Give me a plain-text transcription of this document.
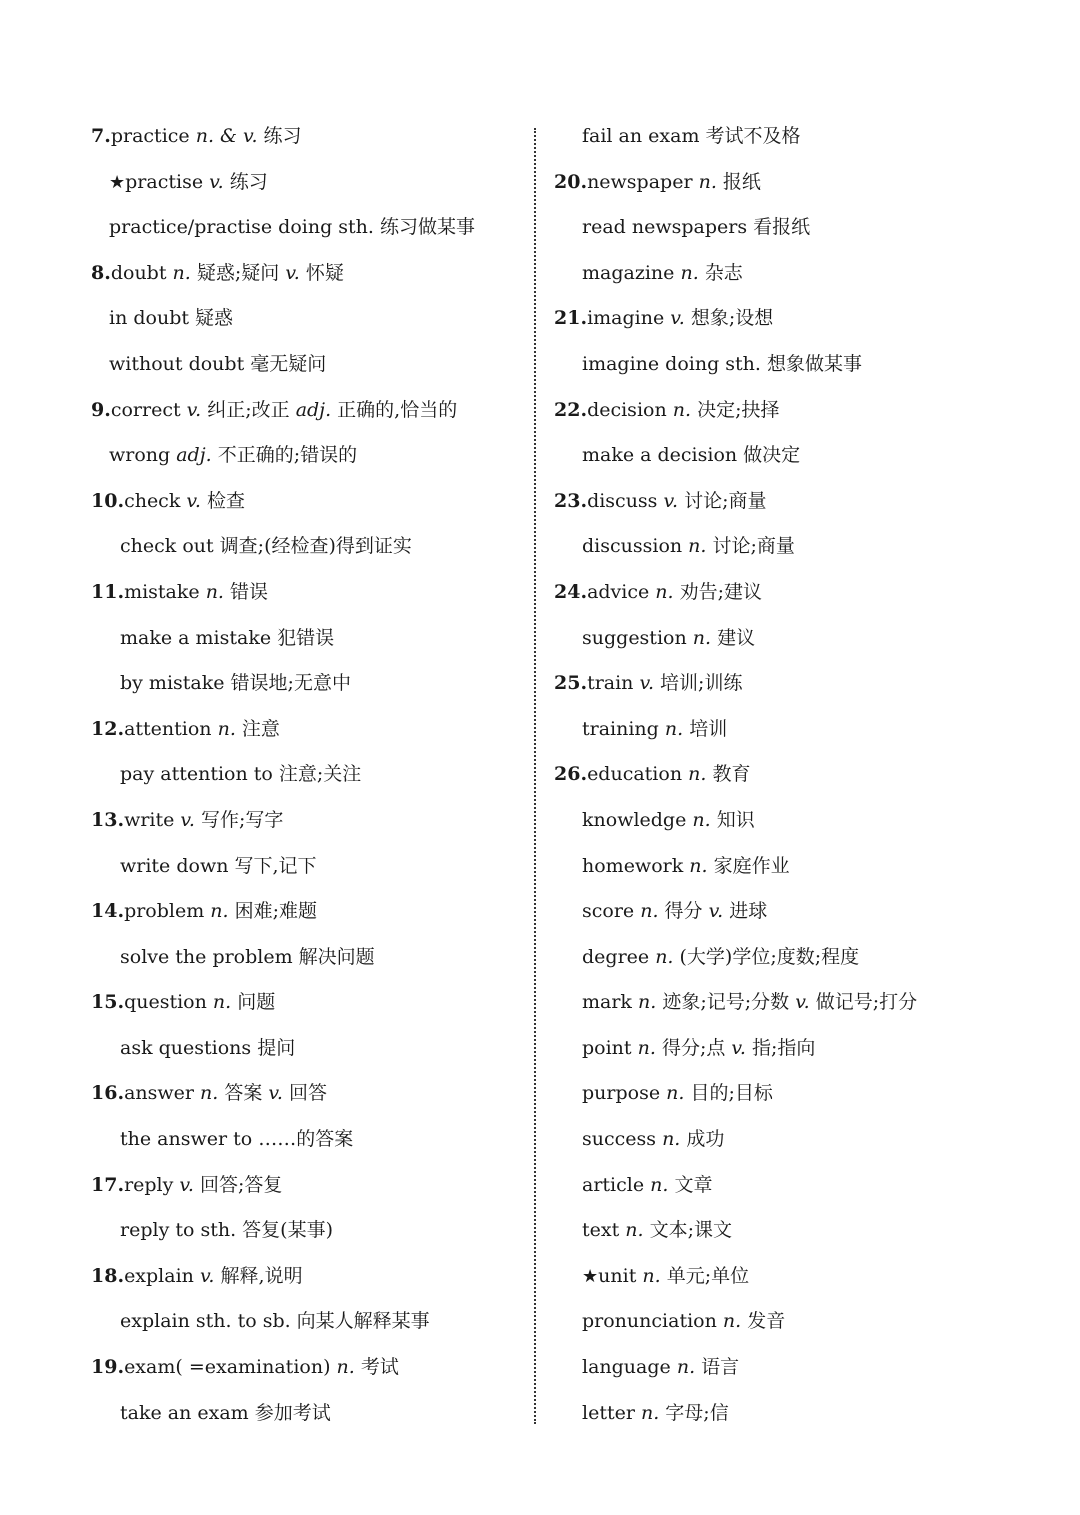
7.practice n. & v. 练习
★practise v. 练习
practice/practise doing sth. 练习做某事
8.doubt n. 疑惑;疑问 v. 怀疑
in doubt 疑惑
without doubt 毫无疑问
9.correct v. 纠正;改正 adj. 正确的,恰当的
wrong adj. 不正确的;错误的
10.check v. 检查
check out 调查;(经检查)得到证实
11.mistake n. 错误
make a mistake 犯错误
by mistake 错误地;无意中
12.attention n. 注意
pay attention to 注意;关注
13.write v. 写作;写字
write down 写下,记下
14.problem n. 困难;难题
solve the problem 解决问题
15.question n. 问题
ask questions 提问
16.answer n. 答案 v. 回答
the answer to ……的答案
17.reply v. 回答;答复
reply to sth. 答复(某事)
18.explain v. 解释,说明
explain sth. to sb. 向某人解释某事
19.exam( =examination) n. 考试
take an exam 参加考试
fail an exam 考试不及格
20.newspaper n. 报纸
read newspapers 看报纸
magazine n. 杂志
21.imagine v. 想象;设想
imagine doing sth. 想象做某事
22.decision n. 决定;抉择
make a decision 做决定
23.discuss v. 讨论;商量
discussion n. 讨论;商量
24.advice n. 劝告;建议
suggestion n. 建议
25.train v. 培训;训练
training n. 培训
26.education n. 教育
knowledge n. 知识
homework n. 家庭作业
score n. 得分 v. 进球
degree n. (大学)学位;度数;程度
mark n. 迹象;记号;分数 v. 做记号;打分
point n. 得分;点 v. 指;指向
purpose n. 目的;目标
success n. 成功
article n. 文章
text n. 文本;课文
★unit n. 单元;单位
pronunciation n. 发音
language n. 语言
letter n. 字母;信
